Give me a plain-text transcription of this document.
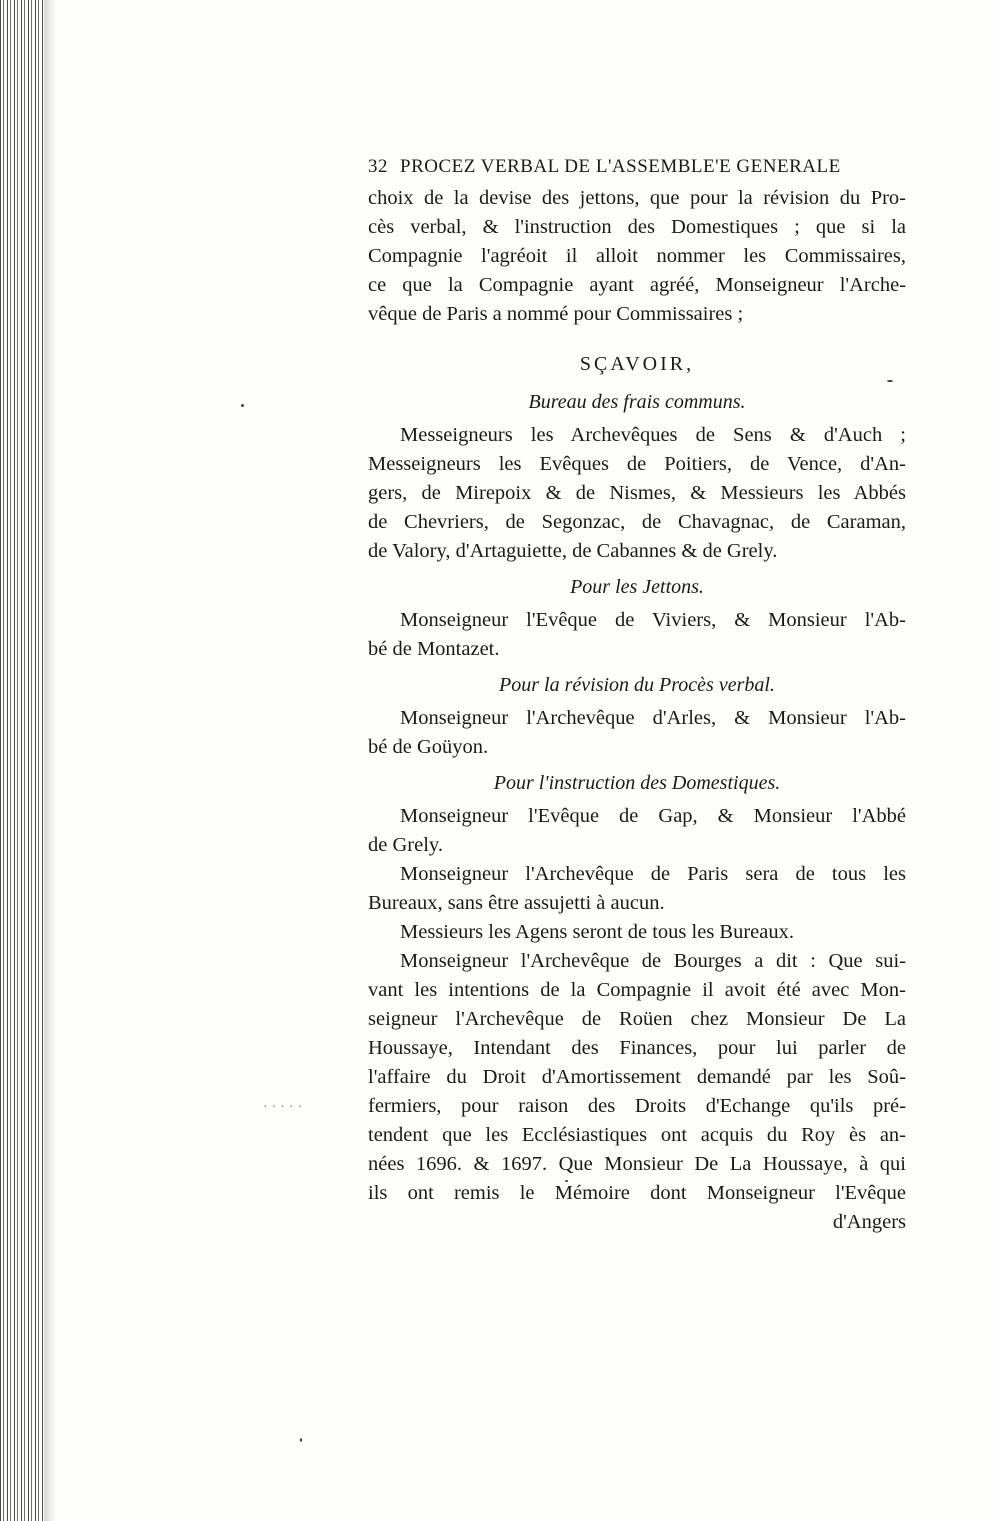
·····
32 PROCEZ VERBAL DE L'ASSEMBLE'E GENERALE

choix de la devise des jettons, que pour la révision du Pro-
cès verbal, & l'instruction des Domestiques ; que si la
Compagnie l'agréoit il alloit nommer les Commissaires,
ce que la Compagnie ayant agréé, Monseigneur l'Arche-
vêque de Paris a nommé pour Commissaires ;

SÇAVOIR,
Bureau des frais communs.

Messeigneurs les Archevêques de Sens & d'Auch ;
Messeigneurs les Evêques de Poitiers, de Vence, d'An-
gers, de Mirepoix & de Nismes, & Messieurs les Abbés
de Chevriers, de Segonzac, de Chavagnac, de Caraman,
de Valory, d'Artaguiette, de Cabannes & de Grely.

Pour les Jettons.

Monseigneur l'Evêque de Viviers, & Monsieur l'Ab-
bé de Montazet.

Pour la révision du Procès verbal.

Monseigneur l'Archevêque d'Arles, & Monsieur l'Ab-
bé de Goüyon.

Pour l'instruction des Domestiques.

Monseigneur l'Evêque de Gap, & Monsieur l'Abbé
de Grely.

Monseigneur l'Archevêque de Paris sera de tous les
Bureaux, sans être assujetti à aucun.

Messieurs les Agens seront de tous les Bureaux.

Monseigneur l'Archevêque de Bourges a dit : Que sui-
vant les intentions de la Compagnie il avoit été avec Mon-
seigneur l'Archevêque de Roüen chez Monsieur De La
Houssaye, Intendant des Finances, pour lui parler de
l'affaire du Droit d'Amortissement demandé par les Soû-
fermiers, pour raison des Droits d'Echange qu'ils pré-
tendent que les Ecclésiastiques ont acquis du Roy ès an-
nées 1696. & 1697. Que Monsieur De La Houssaye, à qui
ils ont remis le Mémoire dont Monseigneur l'Evêque

d'Angers
